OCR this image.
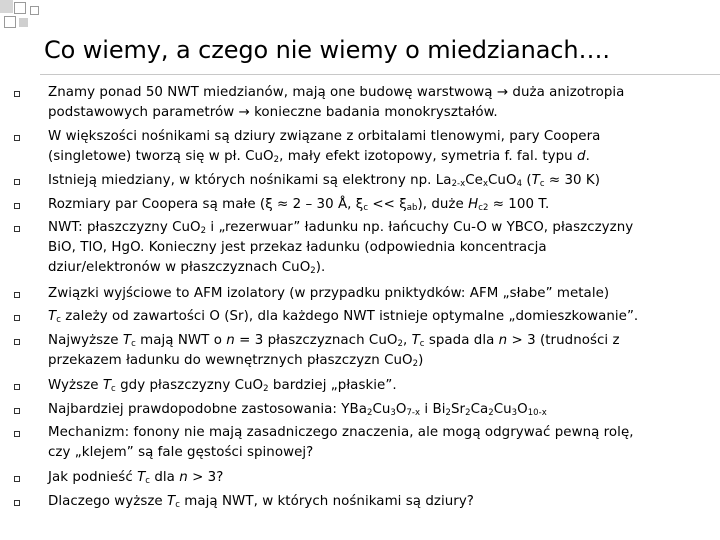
Co wiemy, a czego nie wiemy o miedzianach….
Znamy ponad 50 NWT miedzianów, mają one budowę warstwową → duża anizotropia
podstawowych parametrów → konieczne badania monokryształów.
W większości nośnikami są dziury związane z orbitalami tlenowymi, pary Coopera
(singletowe) tworzą się w pł. CuO$_2$, mały efekt izotopowy, symetria f. fal. typu d.
Istnieją miedziany, w których nośnikami są elektrony np. $La_{2-x}Ce_xCuO_4$ ($T_c \approx 30$ K)
Rozmiary par Coopera są małe (ξ ≈ 2 – 30 Å, $\xi_c << \xi_{ab}$), duże $H_{c2} \approx 100$ T.
NWT: płaszczyzny CuO$_2$ i „rezerwuar” ładunku np. łańcuchy Cu-O w YBCO, płaszczyzny
BiO, TlO, HgO. Konieczny jest przekaz ładunku (odpowiednia koncentracja
dziur/elektronów w płaszczyznach CuO$_2$).
Związki wyjściowe to AFM izolatory (w przypadku pniktydków: AFM „słabe” metale)
$T_c$ zależy od zawartości O (Sr), dla każdego NWT istnieje optymalne „domieszkowanie”.
Najwyższe $T_c$ mają NWT o n = 3 płaszczyznach CuO$_2$, $T_c$ spada dla n > 3 (trudności z
przekazem ładunku do wewnętrznych płaszczyzn CuO$_2$)
Wyższe $T_c$ gdy płaszczyzny CuO$_2$ bardziej „płaskie”.
Najbardziej prawdopodobne zastosowania: $YBa_2Cu_3O_{7-x}$ i $Bi_2Sr_2Ca_2Cu_3O_{10-x}$
Mechanizm: fonony nie mają zasadniczego znaczenia, ale mogą odgrywać pewną rolę,
czy „klejem” są fale gęstości spinowej?
Jak podnieść $T_c$ dla n > 3?
Dlaczego wyższe $T_c$ mają NWT, w których nośnikami są dziury?
